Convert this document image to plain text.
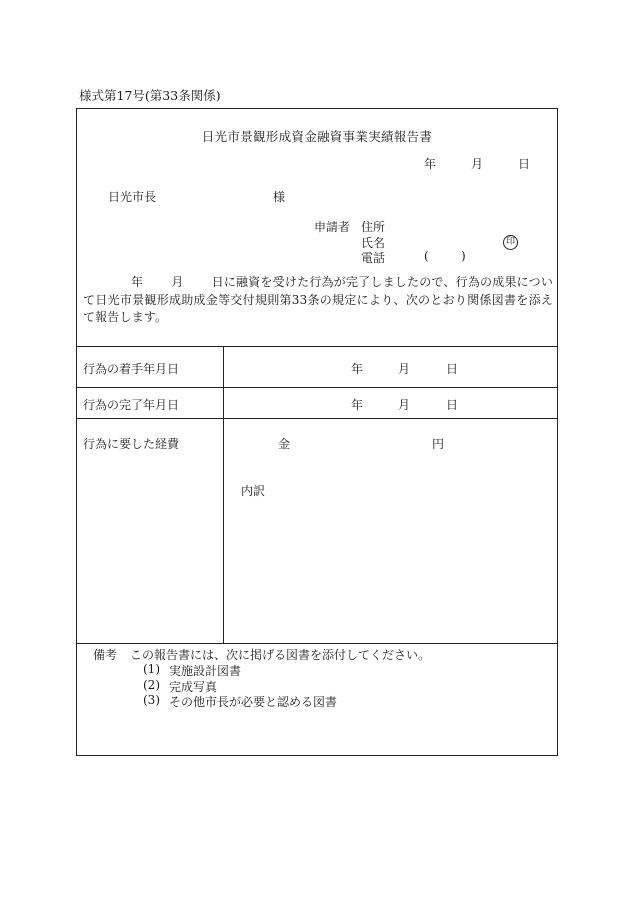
様式第17号(第33条関係)
日光市景観形成資金融資事業実績報告書
年	月	日
日光市長	様
申請者 住所
氏名	印
電話	(	)
年 月 日に融資を受けた行為が完了しましたので、行為の成果について日光市景観形成助成金等交付規則第33条の規定により、次のとおり関係図書を添えて報告します。
行為の着手年月日	年	月	日
行為の完了年月日	年	月	日
行為に要した経費	金	円
内訳
備考 この報告書には、次に掲げる図書を添付してください。
(1) 実施設計図書
(2) 完成写真
(3) その他市長が必要と認める図書
